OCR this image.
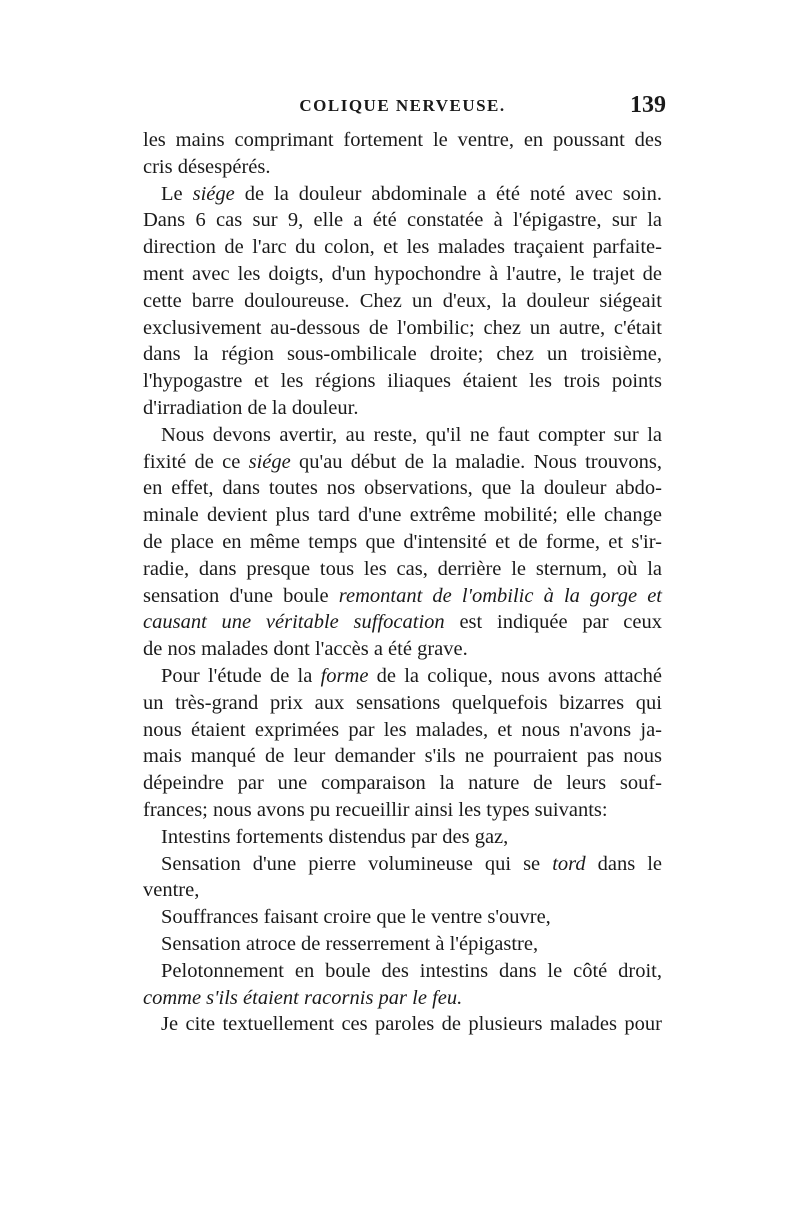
COLIQUE NERVEUSE.	139
les mains comprimant fortement le ventre, en poussant des
cris désespérés.
Le siége de la douleur abdominale a été noté avec soin.
Dans 6 cas sur 9, elle a été constatée à l'épigastre, sur la
direction de l'arc du colon, et les malades traçaient parfaite-
ment avec les doigts, d'un hypochondre à l'autre, le trajet de
cette barre douloureuse. Chez un d'eux, la douleur siégeait
exclusivement au-dessous de l'ombilic; chez un autre, c'était
dans la région sous-ombilicale droite; chez un troisième,
l'hypogastre et les régions iliaques étaient les trois points
d'irradiation de la douleur.
Nous devons avertir, au reste, qu'il ne faut compter sur la
fixité de ce siége qu'au début de la maladie. Nous trouvons,
en effet, dans toutes nos observations, que la douleur abdo-
minale devient plus tard d'une extrême mobilité; elle change
de place en même temps que d'intensité et de forme, et s'ir-
radie, dans presque tous les cas, derrière le sternum, où la
sensation d'une boule remontant de l'ombilic à la gorge et
causant une véritable suffocation est indiquée par ceux
de nos malades dont l'accès a été grave.
Pour l'étude de la forme de la colique, nous avons attaché
un très-grand prix aux sensations quelquefois bizarres qui
nous étaient exprimées par les malades, et nous n'avons ja-
mais manqué de leur demander s'ils ne pourraient pas nous
dépeindre par une comparaison la nature de leurs souf-
frances; nous avons pu recueillir ainsi les types suivants:
Intestins fortements distendus par des gaz,
Sensation d'une pierre volumineuse qui se tord dans le
ventre,
Souffrances faisant croire que le ventre s'ouvre,
Sensation atroce de resserrement à l'épigastre,
Pelotonnement en boule des intestins dans le côté droit,
comme s'ils étaient racornis par le feu.
Je cite textuellement ces paroles de plusieurs malades pour
